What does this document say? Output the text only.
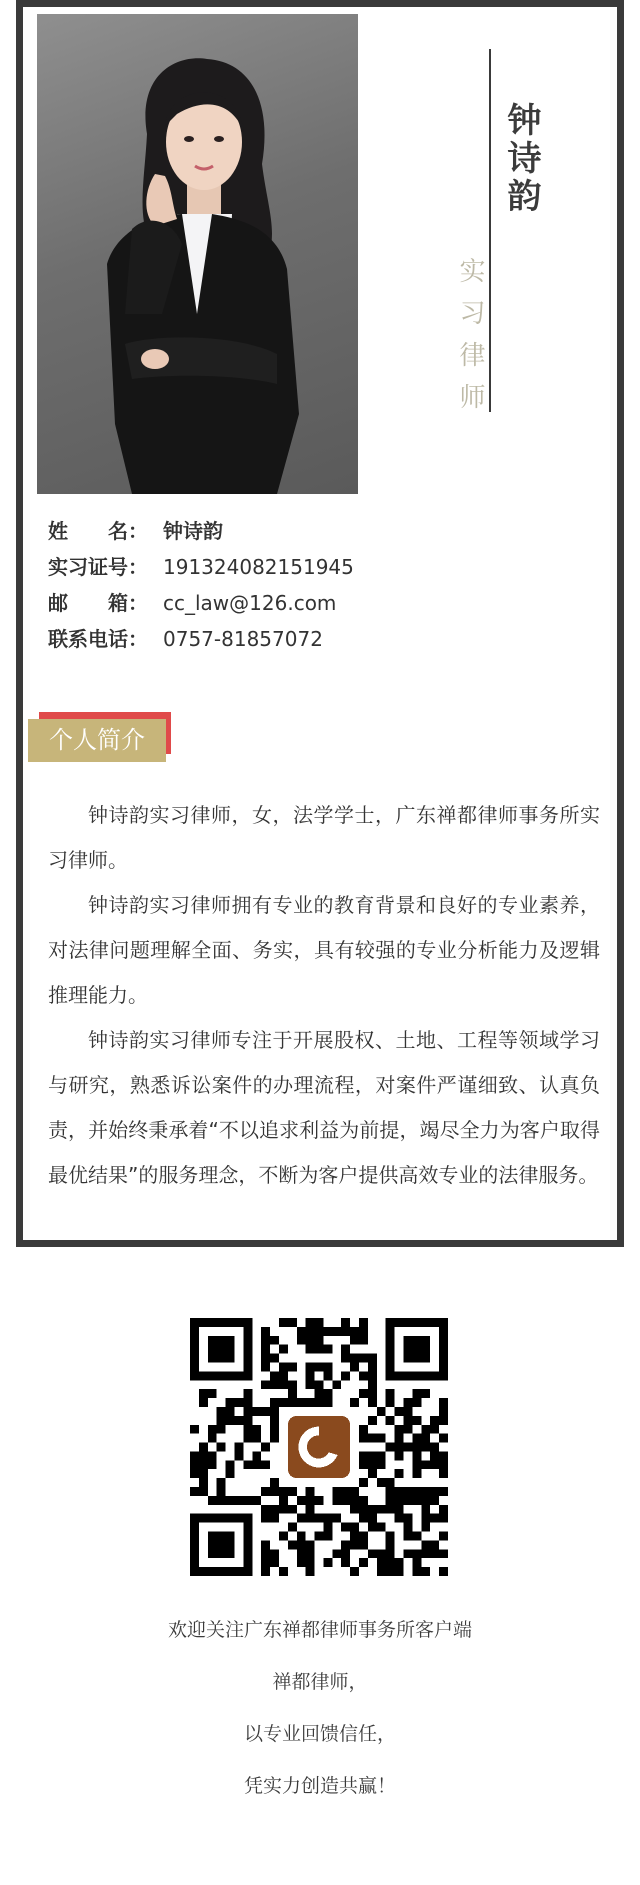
钟诗韵
实习律师
姓 名： 钟诗韵
实习证号： 191324082151945
邮 箱： cc_law@126.com
联系电话： 0757-81857072
个人简介

钟诗韵实习律师，女，法学学士，广东禅都律师事务所实习律师。

钟诗韵实习律师拥有专业的教育背景和良好的专业素养，对法律问题理解全面、务实，具有较强的专业分析能力及逻辑推理能力。

钟诗韵实习律师专注于开展股权、土地、工程等领域学习与研究，熟悉诉讼案件的办理流程，对案件严谨细致、认真负责，并始终秉承着“不以追求利益为前提，竭尽全力为客户取得最优结果”的服务理念，不断为客户提供高效专业的法律服务。

欢迎关注广东禅都律师事务所客户端
禅都律师，
以专业回馈信任，
凭实力创造共赢！
